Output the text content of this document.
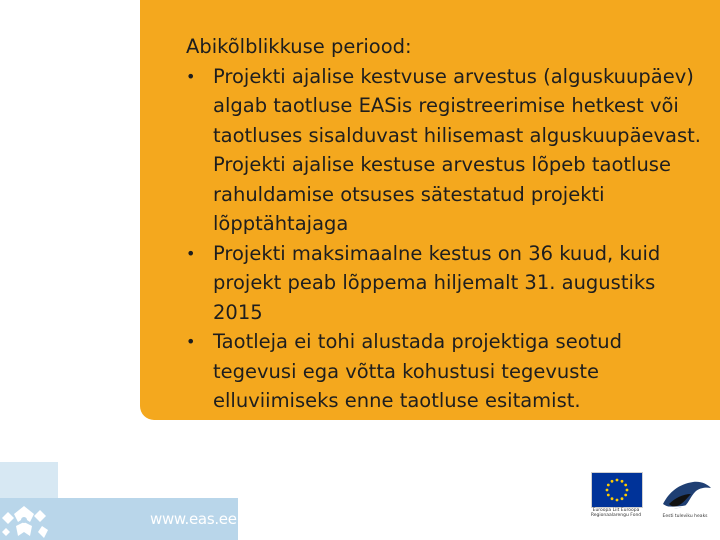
Abikõlblikkuse periood:

• Projekti ajalise kestvuse arvestus (alguskuupäev) algab taotluse EASis registreerimise hetkest või taotluses sisalduvast hilisemast alguskuupäevast. Projekti ajalise kestuse arvestus lõpeb taotluse rahuldamise otsuses sätestatud projekti lõpptähtajaga
• Projekti maksimaalne kestus on 36 kuud, kuid projekt peab lõppema hiljemalt 31. augustiks 2015
• Taotleja ei tohi alustada projektiga seotud tegevusi ega võtta kohustusi tegevuste elluviimiseks enne taotluse esitamist.
www.eas.ee	Euroopa Liit Euroopa Regionaalarengu Fond	Eesti tuleviku heaks
